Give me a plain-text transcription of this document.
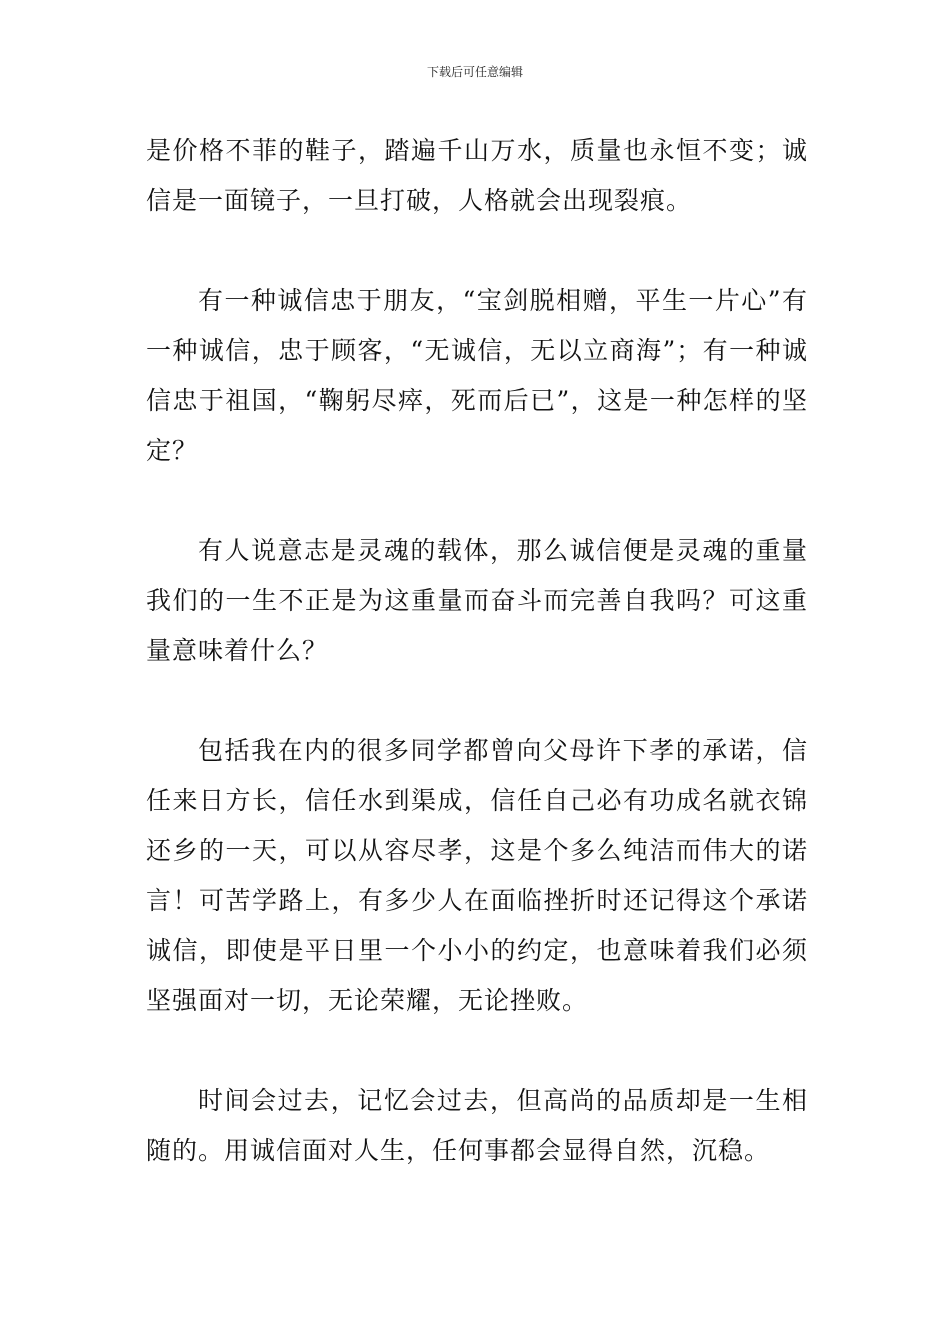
下载后可任意编辑

是价格不菲的鞋子，踏遍千山万水，质量也永恒不变；诚信是一面镜子，一旦打破，人格就会出现裂痕。

有一种诚信忠于朋友，“宝剑脱相赠，平生一片心”有一种诚信，忠于顾客，“无诚信，无以立商海”；有一种诚信忠于祖国，“鞠躬尽瘁，死而后已”，这是一种怎样的坚定？

有人说意志是灵魂的载体，那么诚信便是灵魂的重量我们的一生不正是为这重量而奋斗而完善自我吗？可这重量意味着什么？

包括我在内的很多同学都曾向父母许下孝的承诺，信任来日方长，信任水到渠成，信任自己必有功成名就衣锦还乡的一天，可以从容尽孝，这是个多么纯洁而伟大的诺言！可苦学路上，有多少人在面临挫折时还记得这个承诺诚信，即使是平日里一个小小的约定，也意味着我们必须坚强面对一切，无论荣耀，无论挫败。

时间会过去，记忆会过去，但高尚的品质却是一生相随的。用诚信面对人生，任何事都会显得自然，沉稳。
